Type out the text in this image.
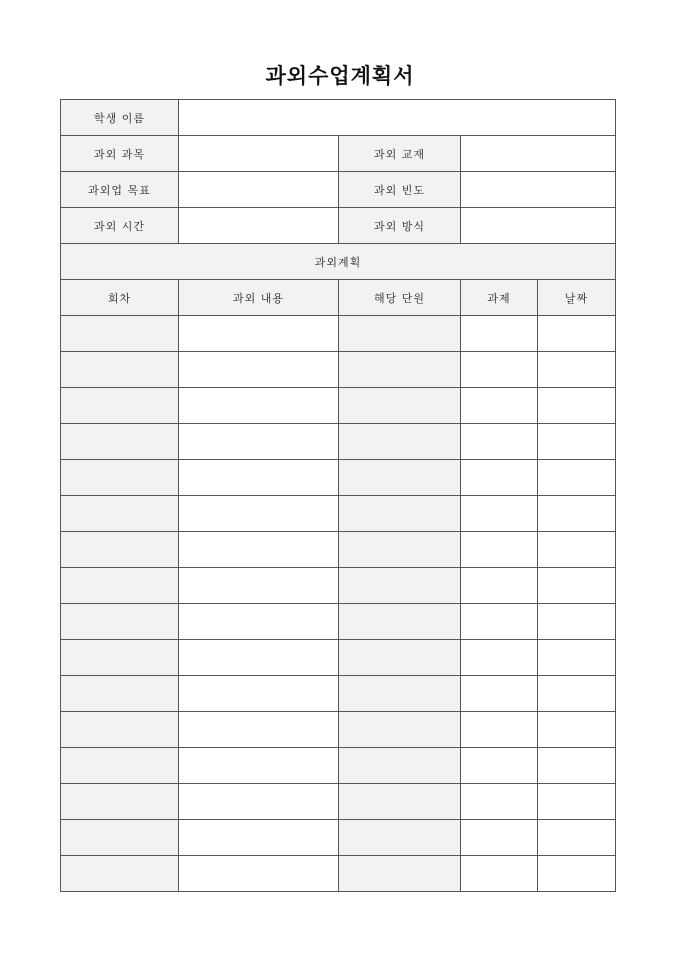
과외수업계획서
학생 이름				
과외 과목		과외 교재		
과외업 목표		과외 빈도		
과외 시간		과외 방식		
과외계획				
회차	과외 내용	해당 단원	과제	날짜
